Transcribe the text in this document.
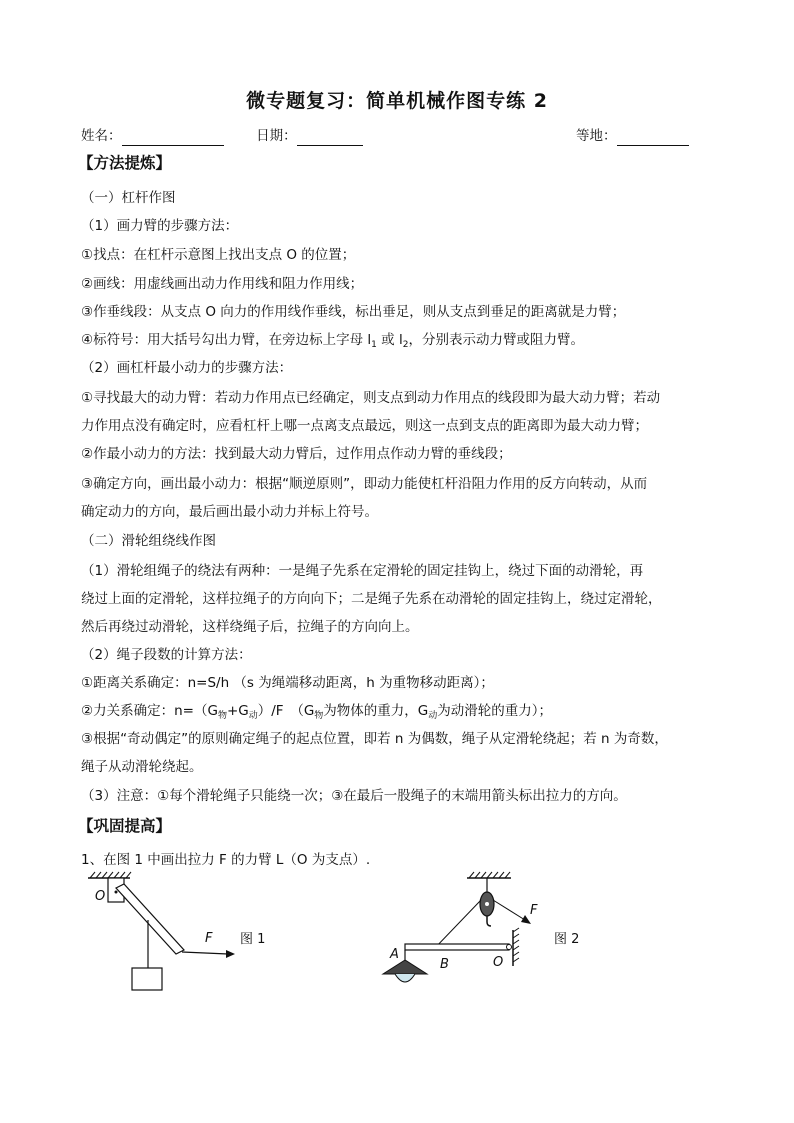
微专题复习：简单机械作图专练 2
姓名：	日期：	等地：
【方法提炼】
（一）杠杆作图
（1）画力臂的步骤方法：
①找点：在杠杆示意图上找出支点 O 的位置；
②画线：用虚线画出动力作用线和阻力作用线；
③作垂线段：从支点 O 向力的作用线作垂线，标出垂足，则从支点到垂足的距离就是力臂；
④标符号：用大括号勾出力臂，在旁边标上字母 $l_1$ 或 $l_2$，分别表示动力臂或阻力臂。
（2）画杠杆最小动力的步骤方法：
①寻找最大的动力臂：若动力作用点已经确定，则支点到动力作用点的线段即为最大动力臂；若动
力作用点没有确定时，应看杠杆上哪一点离支点最远，则这一点到支点的距离即为最大动力臂；
②作最小动力的方法：找到最大动力臂后，过作用点作动力臂的垂线段；
③确定方向，画出最小动力：根据“顺逆原则”，即动力能使杠杆沿阻力作用的反方向转动，从而
确定动力的方向，最后画出最小动力并标上符号。
（二）滑轮组绕线作图
（1）滑轮组绳子的绕法有两种：一是绳子先系在定滑轮的固定挂钩上，绕过下面的动滑轮，再
绕过上面的定滑轮，这样拉绳子的方向向下；二是绳子先系在动滑轮的固定挂钩上，绕过定滑轮，
然后再绕过动滑轮，这样绕绳子后，拉绳子的方向向上。
（2）绳子段数的计算方法：
①距离关系确定：n=S/h （s 为绳端移动距离，h 为重物移动距离）；
②力关系确定：$n=(G_物+G_动)/F$　（$G_物$为物体的重力，$G_动$为动滑轮的重力）；
③根据“奇动偶定”的原则确定绳子的起点位置，即若 n 为偶数，绳子从定滑轮绕起；若 n 为奇数，
绳子从动滑轮绕起。
（3）注意：①每个滑轮绳子只能绕一次；③在最后一股绳子的末端用箭头标出拉力的方向。
【巩固提高】
1、在图 1 中画出拉力 F 的力臂 L（O 为支点）.
O
F 图 1
A
B	O
F
图 2
